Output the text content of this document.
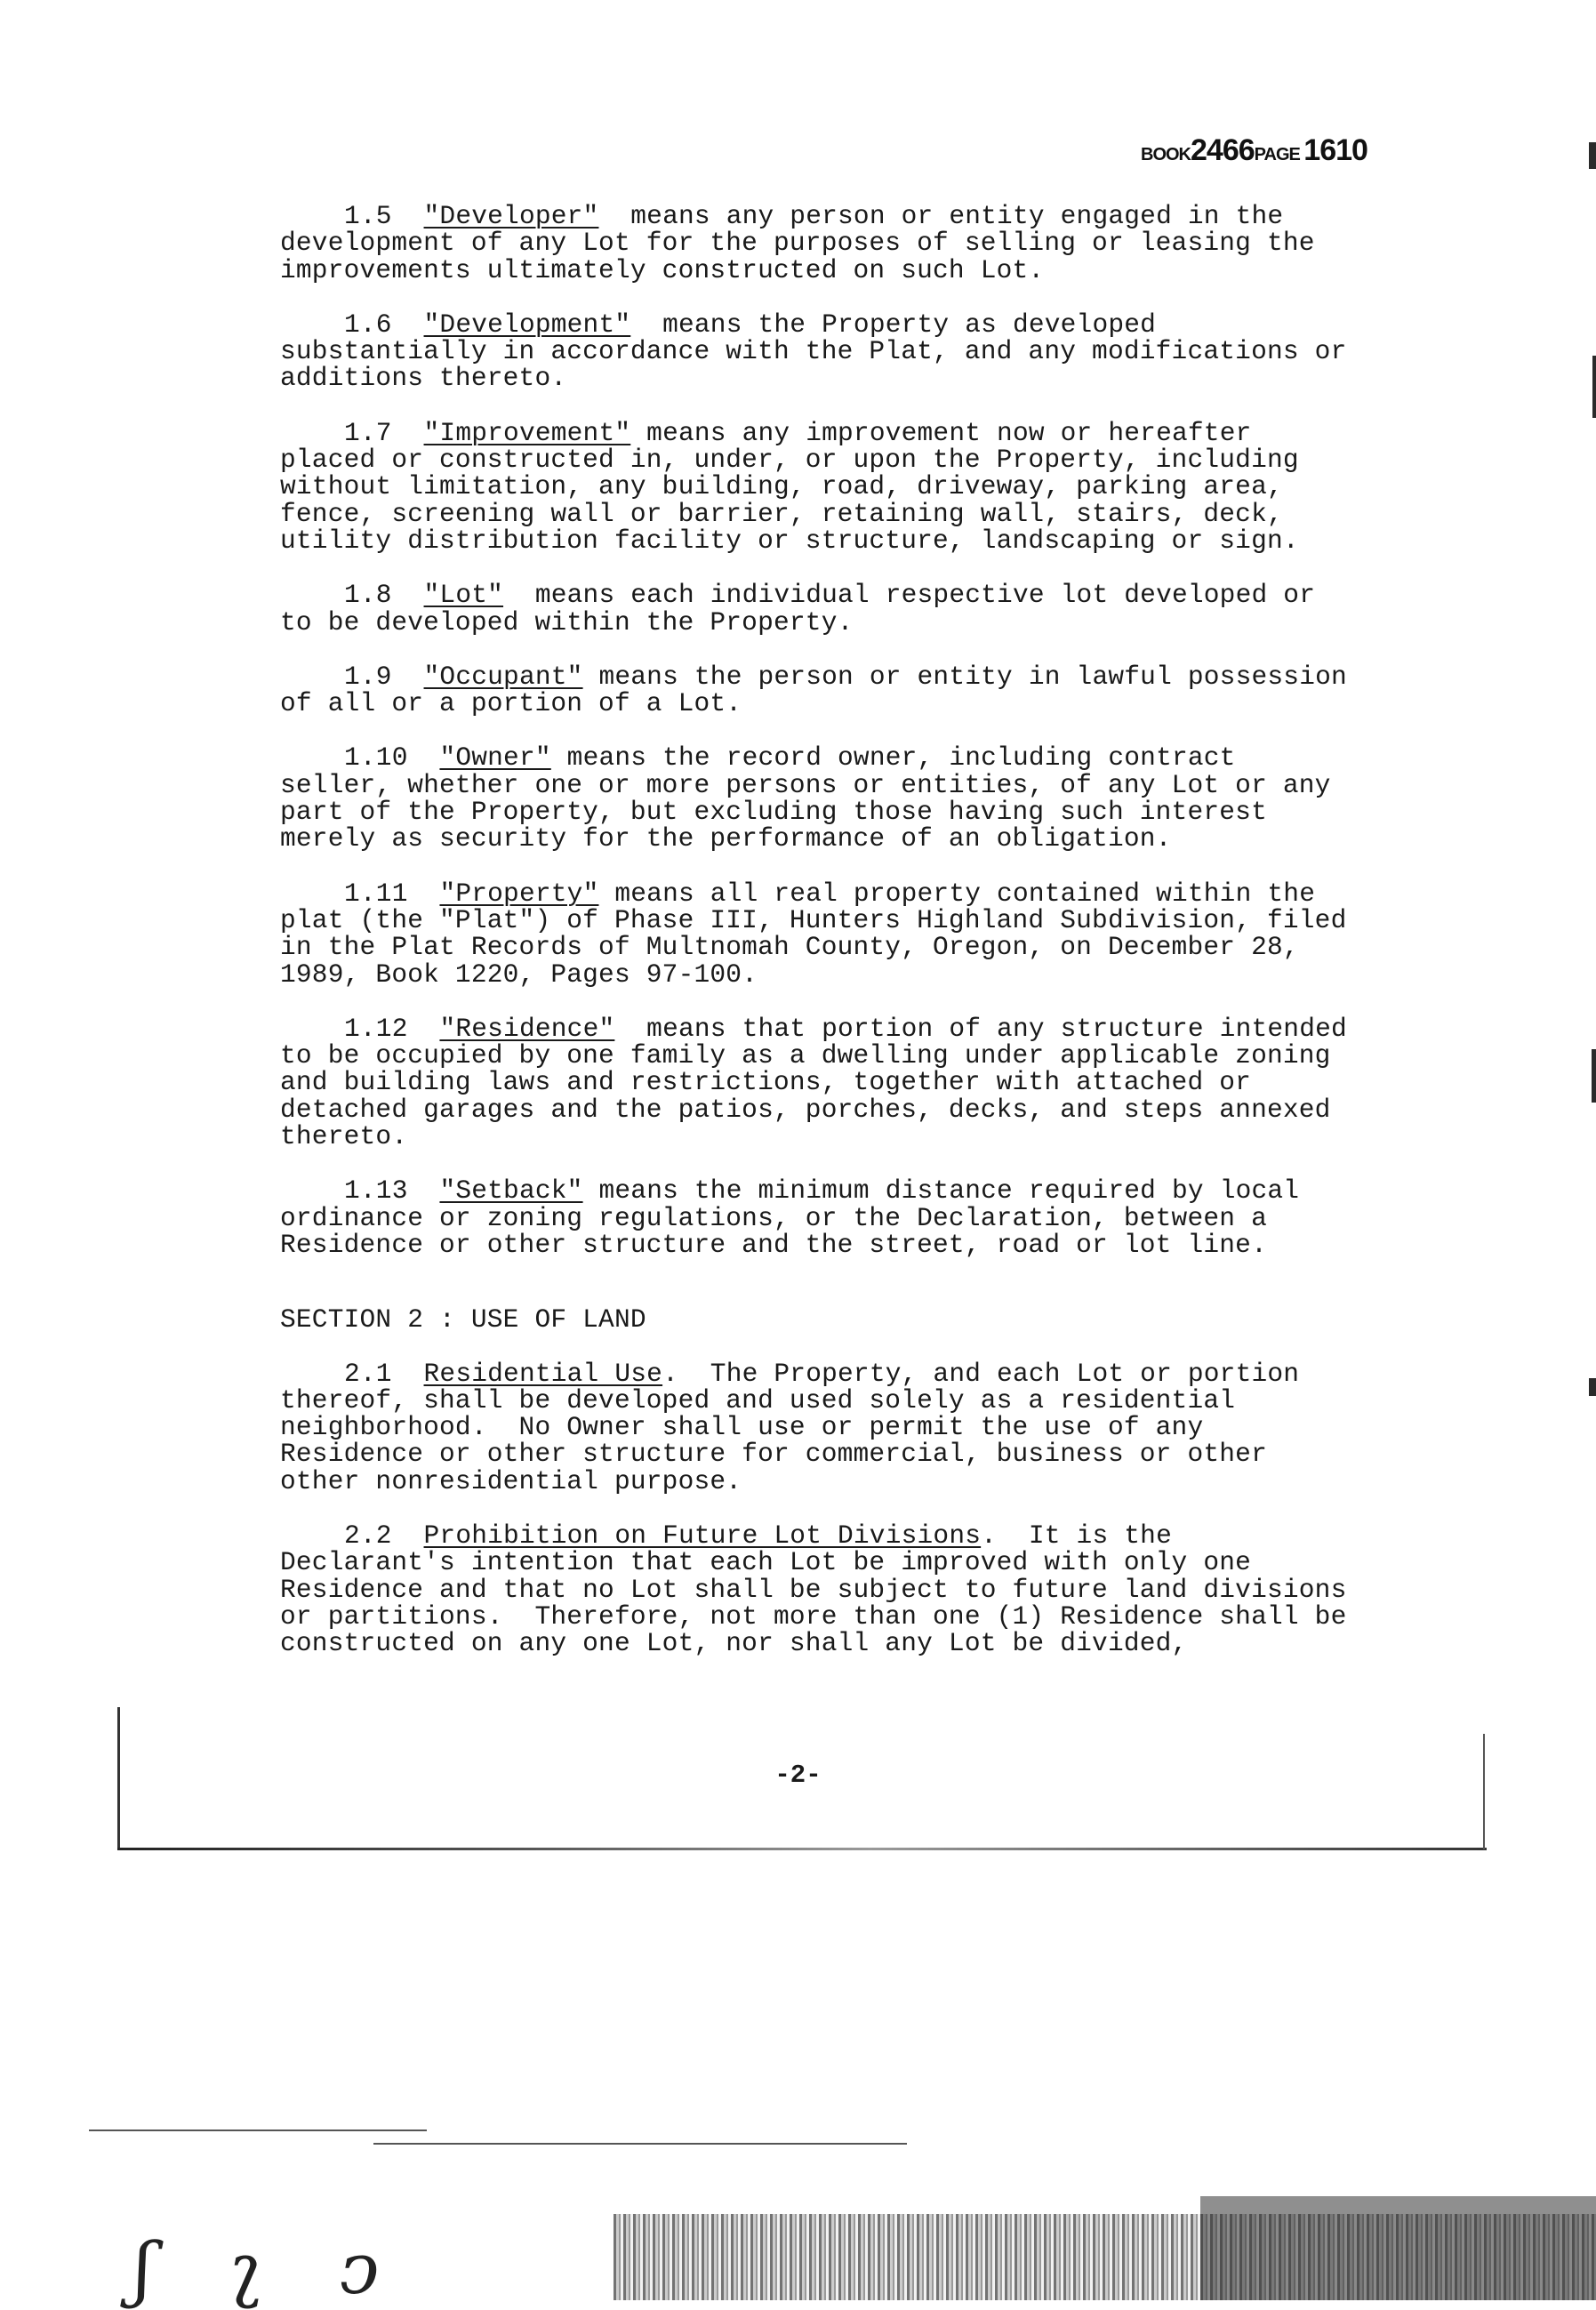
BOOK2466PAGE 1610
1.5 "Developer"  means any person or entity engaged in the
development of any Lot for the purposes of selling or leasing the
improvements ultimately constructed on such Lot.
1.6 "Development"  means the Property as developed
substantially in accordance with the Plat, and any modifications or
additions thereto.
1.7 "Improvement" means any improvement now or hereafter
placed or constructed in, under, or upon the Property, including
without limitation, any building, road, driveway, parking area,
fence, screening wall or barrier, retaining wall, stairs, deck,
utility distribution facility or structure, landscaping or sign.
1.8 "Lot"  means each individual respective lot developed or
to be developed within the Property.
1.9 "Occupant" means the person or entity in lawful possession
of all or a portion of a Lot.
1.10 "Owner" means the record owner, including contract
seller, whether one or more persons or entities, of any Lot or any
part of the Property, but excluding those having such interest
merely as security for the performance of an obligation.
1.11 "Property" means all real property contained within the
plat (the "Plat") of Phase III, Hunters Highland Subdivision, filed
in the Plat Records of Multnomah County, Oregon, on December 28,
1989, Book 1220, Pages 97-100.
1.12 "Residence"  means that portion of any structure intended
to be occupied by one family as a dwelling under applicable zoning
and building laws and restrictions, together with attached or
detached garages and the patios, porches, decks, and steps annexed
thereto.
1.13 "Setback" means the minimum distance required by local
ordinance or zoning regulations, or the Declaration, between a
Residence or other structure and the street, road or lot line.
SECTION 2 : USE OF LAND
2.1 Residential Use.  The Property, and each Lot or portion
thereof, shall be developed and used solely as a residential
neighborhood.  No Owner shall use or permit the use of any
Residence or other structure for commercial, business or other
other nonresidential purpose.
2.2 Prohibition on Future Lot Divisions.  It is the
Declarant's intention that each Lot be improved with only one
Residence and that no Lot shall be subject to future land divisions
or partitions.  Therefore, not more than one (1) Residence shall be
constructed on any one Lot, nor shall any Lot be divided,
-2-
ʃ ʅ ↄ
